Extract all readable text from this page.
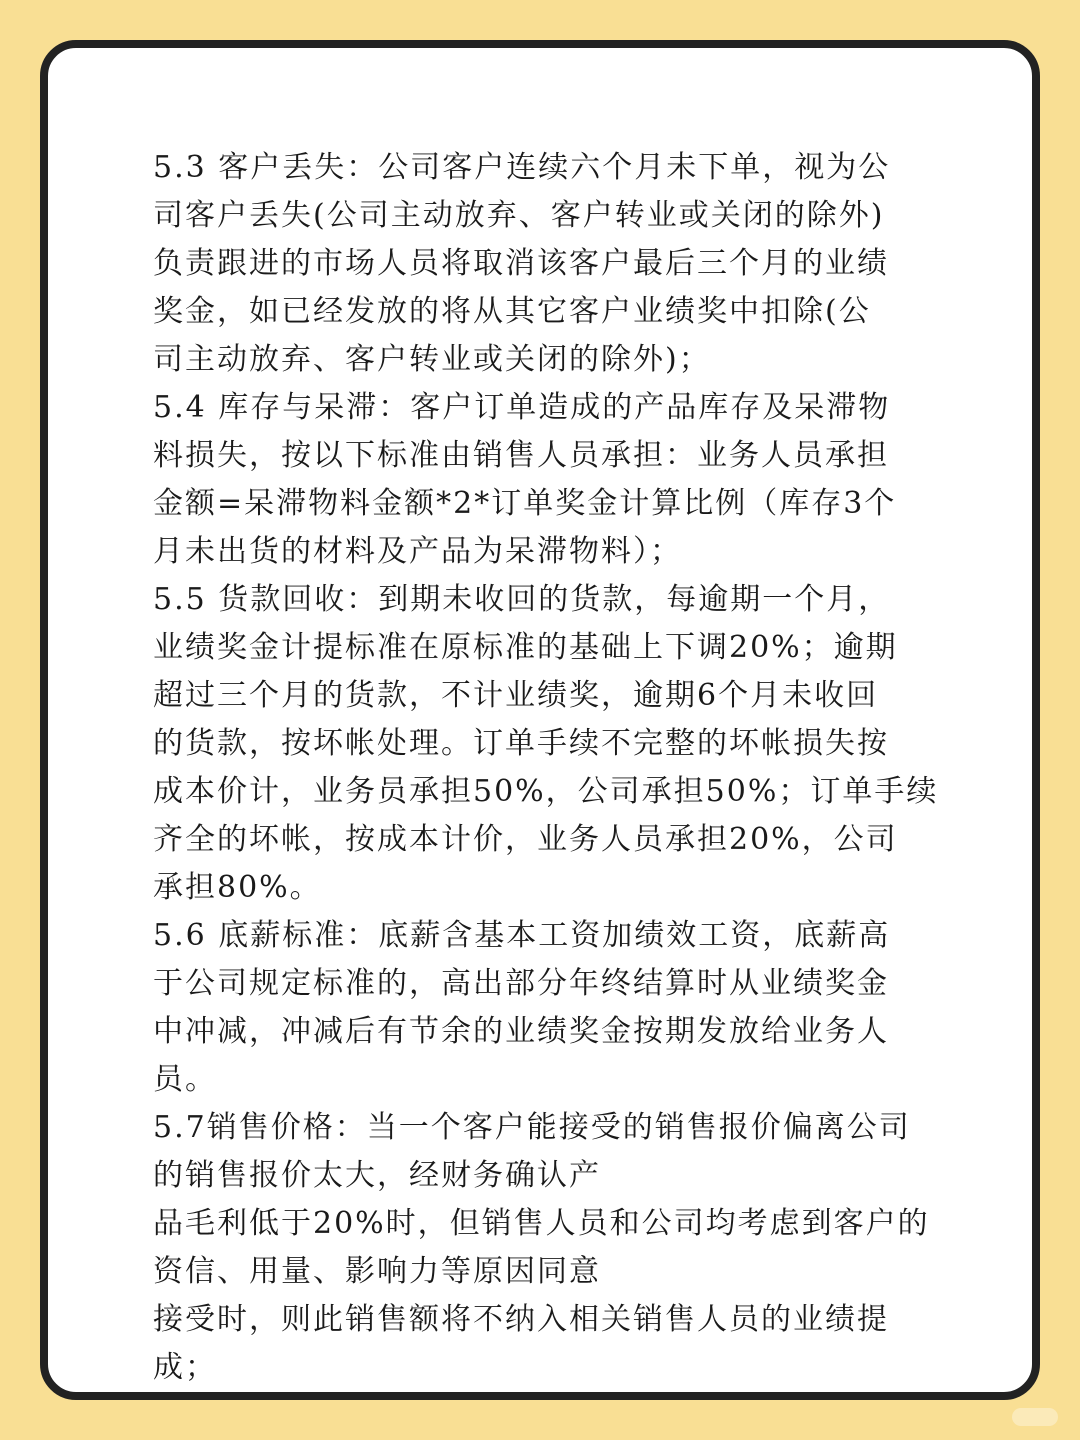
5.3 客户丢失：公司客户连续六个月未下单，视为公
司客户丢失(公司主动放弃、客户转业或关闭的除外)
负责跟进的市场人员将取消该客户最后三个月的业绩
奖金，如已经发放的将从其它客户业绩奖中扣除(公
司主动放弃、客户转业或关闭的除外)；
5.4 库存与呆滞：客户订单造成的产品库存及呆滞物
料损失，按以下标准由销售人员承担：业务人员承担
金额=呆滞物料金额*2*订单奖金计算比例（库存3个
月未出货的材料及产品为呆滞物料）；
5.5 货款回收：到期未收回的货款，每逾期一个月，
业绩奖金计提标准在原标准的基础上下调20%；逾期
超过三个月的货款，不计业绩奖，逾期6个月未收回
的货款，按坏帐处理。订单手续不完整的坏帐损失按
成本价计，业务员承担50%，公司承担50%；订单手续
齐全的坏帐，按成本计价，业务人员承担20%，公司
承担80%。
5.6 底薪标准：底薪含基本工资加绩效工资，底薪高
于公司规定标准的，高出部分年终结算时从业绩奖金
中冲减，冲减后有节余的业绩奖金按期发放给业务人
员。
5.7销售价格：当一个客户能接受的销售报价偏离公司
的销售报价太大，经财务确认产
品毛利低于20%时，但销售人员和公司均考虑到客户的
资信、用量、影响力等原因同意
接受时，则此销售额将不纳入相关销售人员的业绩提
成；
